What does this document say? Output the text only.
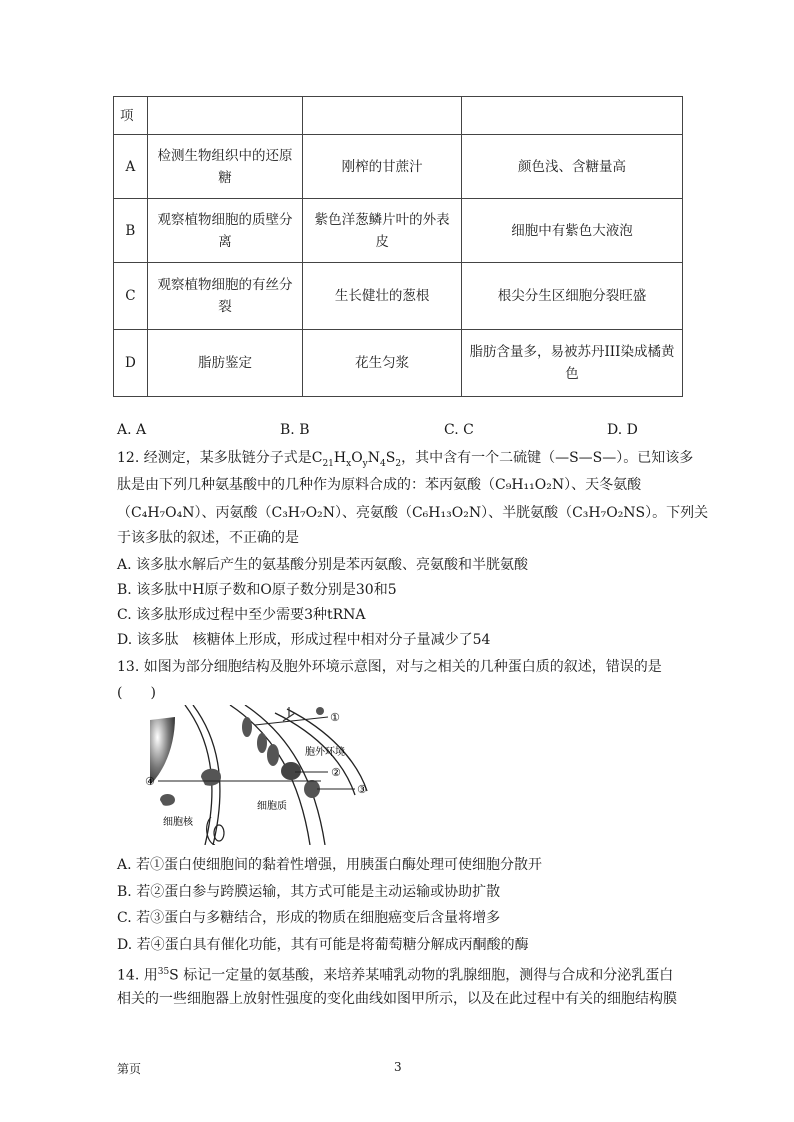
项			
A	检测生物组织中的还原糖	刚榨的甘蔗汁	颜色浅、含糖量高
B	观察植物细胞的质壁分离	紫色洋葱鳞片叶的外表皮	细胞中有紫色大液泡
C	观察植物细胞的有丝分裂	生长健壮的葱根	根尖分生区细胞分裂旺盛
D	脂肪鉴定	花生匀浆	脂肪含量多，易被苏丹III染成橘黄色
A. A	B. B	C. C	D. D
12. 经测定，某多肽链分子式是$C_{21}H_xO_yN_4S_2$，其中含有一个二硫键（—S—S—）。已知该多
肽是由下列几种氨基酸中的几种作为原料合成的：苯丙氨酸（C₉H₁₁O₂N）、天冬氨酸
（C₄H₇O₄N）、丙氨酸（C₃H₇O₂N）、亮氨酸（C₆H₁₃O₂N）、半胱氨酸（C₃H₇O₂NS）。下列关
于该多肽的叙述，不正确的是
A. 该多肽水解后产生的氨基酸分别是苯丙氨酸、亮氨酸和半胱氨酸
B. 该多肽中H原子数和O原子数分别是30和5
C. 该多肽形成过程中至少需要3种tRNA
D. 该多肽　核糖体上形成，形成过程中相对分子量减少了54
13. 如图为部分细胞结构及胞外环境示意图，对与之相关的几种蛋白质的叙述，错误的是
(　　)
①
②
③
④
胞外环境
细胞质
细胞核
A. 若①蛋白使细胞间的黏着性增强，用胰蛋白酶处理可使细胞分散开
B. 若②蛋白参与跨膜运输，其方式可能是主动运输或协助扩散
C. 若③蛋白与多糖结合，形成的物质在细胞癌变后含量将增多
D. 若④蛋白具有催化功能，其有可能是将葡萄糖分解成丙酮酸的酶
14. 用$^{35}$S 标记一定量的氨基酸，来培养某哺乳动物的乳腺细胞，测得与合成和分泌乳蛋白
相关的一些细胞器上放射性强度的变化曲线如图甲所示，以及在此过程中有关的细胞结构膜
第页	3
